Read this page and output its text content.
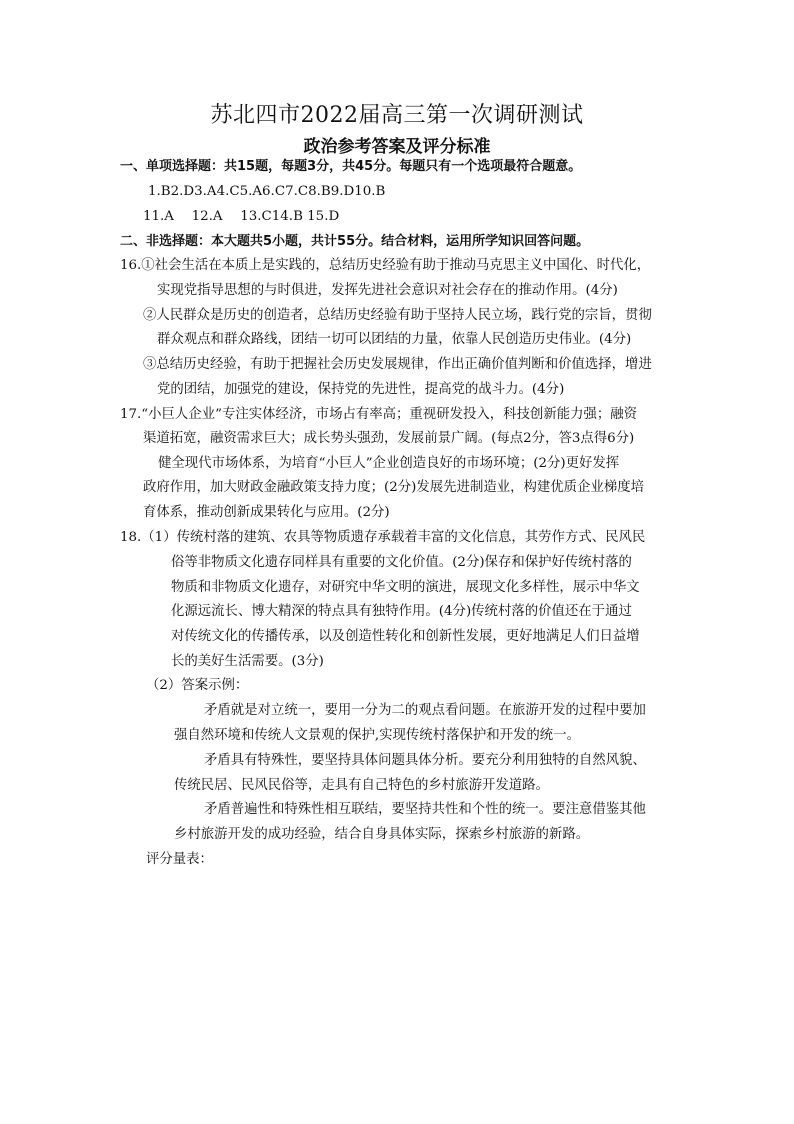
苏北四市2022届高三第一次调研测试
政治参考答案及评分标准
一、单项选择题：共15题，每题3分，共45分。每题只有一个选项最符合题意。
1.B2.D3.A4.C5.A6.C7.C8.B9.D10.B
11.A　 12.A　 13.C14.B 15.D
二、非选择题：本大题共5小题，共计55分。结合材料，运用所学知识回答问题。
16.①社会生活在本质上是实践的，总结历史经验有助于推动马克思主义中国化、时代化，
实现党指导思想的与时俱进，发挥先进社会意识对社会存在的推动作用。(4分)
②人民群众是历史的创造者，总结历史经验有助于坚持人民立场，践行党的宗旨，贯彻
群众观点和群众路线，团结一切可以团结的力量，依靠人民创造历史伟业。(4分)
③总结历史经验，有助于把握社会历史发展规律，作出正确价值判断和价值选择，增进
党的团结，加强党的建设，保持党的先进性，提高党的战斗力。(4分)
17.“小巨人企业”专注实体经济，市场占有率高；重视研发投入，科技创新能力强；融资
渠道拓宽，融资需求巨大；成长势头强劲，发展前景广阔。(每点2分，答3点得6分)
健全现代市场体系，为培育“小巨人”企业创造良好的市场环境；(2分)更好发挥
政府作用，加大财政金融政策支持力度；(2分)发展先进制造业，构建优质企业梯度培
育体系，推动创新成果转化与应用。(2分)
18.（1）传统村落的建筑、农具等物质遗存承载着丰富的文化信息，其劳作方式、民风民
俗等非物质文化遗存同样具有重要的文化价值。(2分)保存和保护好传统村落的
物质和非物质文化遗存，对研究中华文明的演进，展现文化多样性，展示中华文
化源远流长、博大精深的特点具有独特作用。(4分)传统村落的价值还在于通过
对传统文化的传播传承，以及创造性转化和创新性发展，更好地满足人们日益增
长的美好生活需要。(3分)
（2）答案示例：
矛盾就是对立统一，要用一分为二的观点看问题。在旅游开发的过程中要加
强自然环境和传统人文景观的保护,实现传统村落保护和开发的统一。
矛盾具有特殊性，要坚持具体问题具体分析。要充分利用独特的自然风貌、
传统民居、民风民俗等，走具有自己特色的乡村旅游开发道路。
矛盾普遍性和特殊性相互联结，要坚持共性和个性的统一。要注意借鉴其他
乡村旅游开发的成功经验，结合自身具体实际，探索乡村旅游的新路。
评分量表：
